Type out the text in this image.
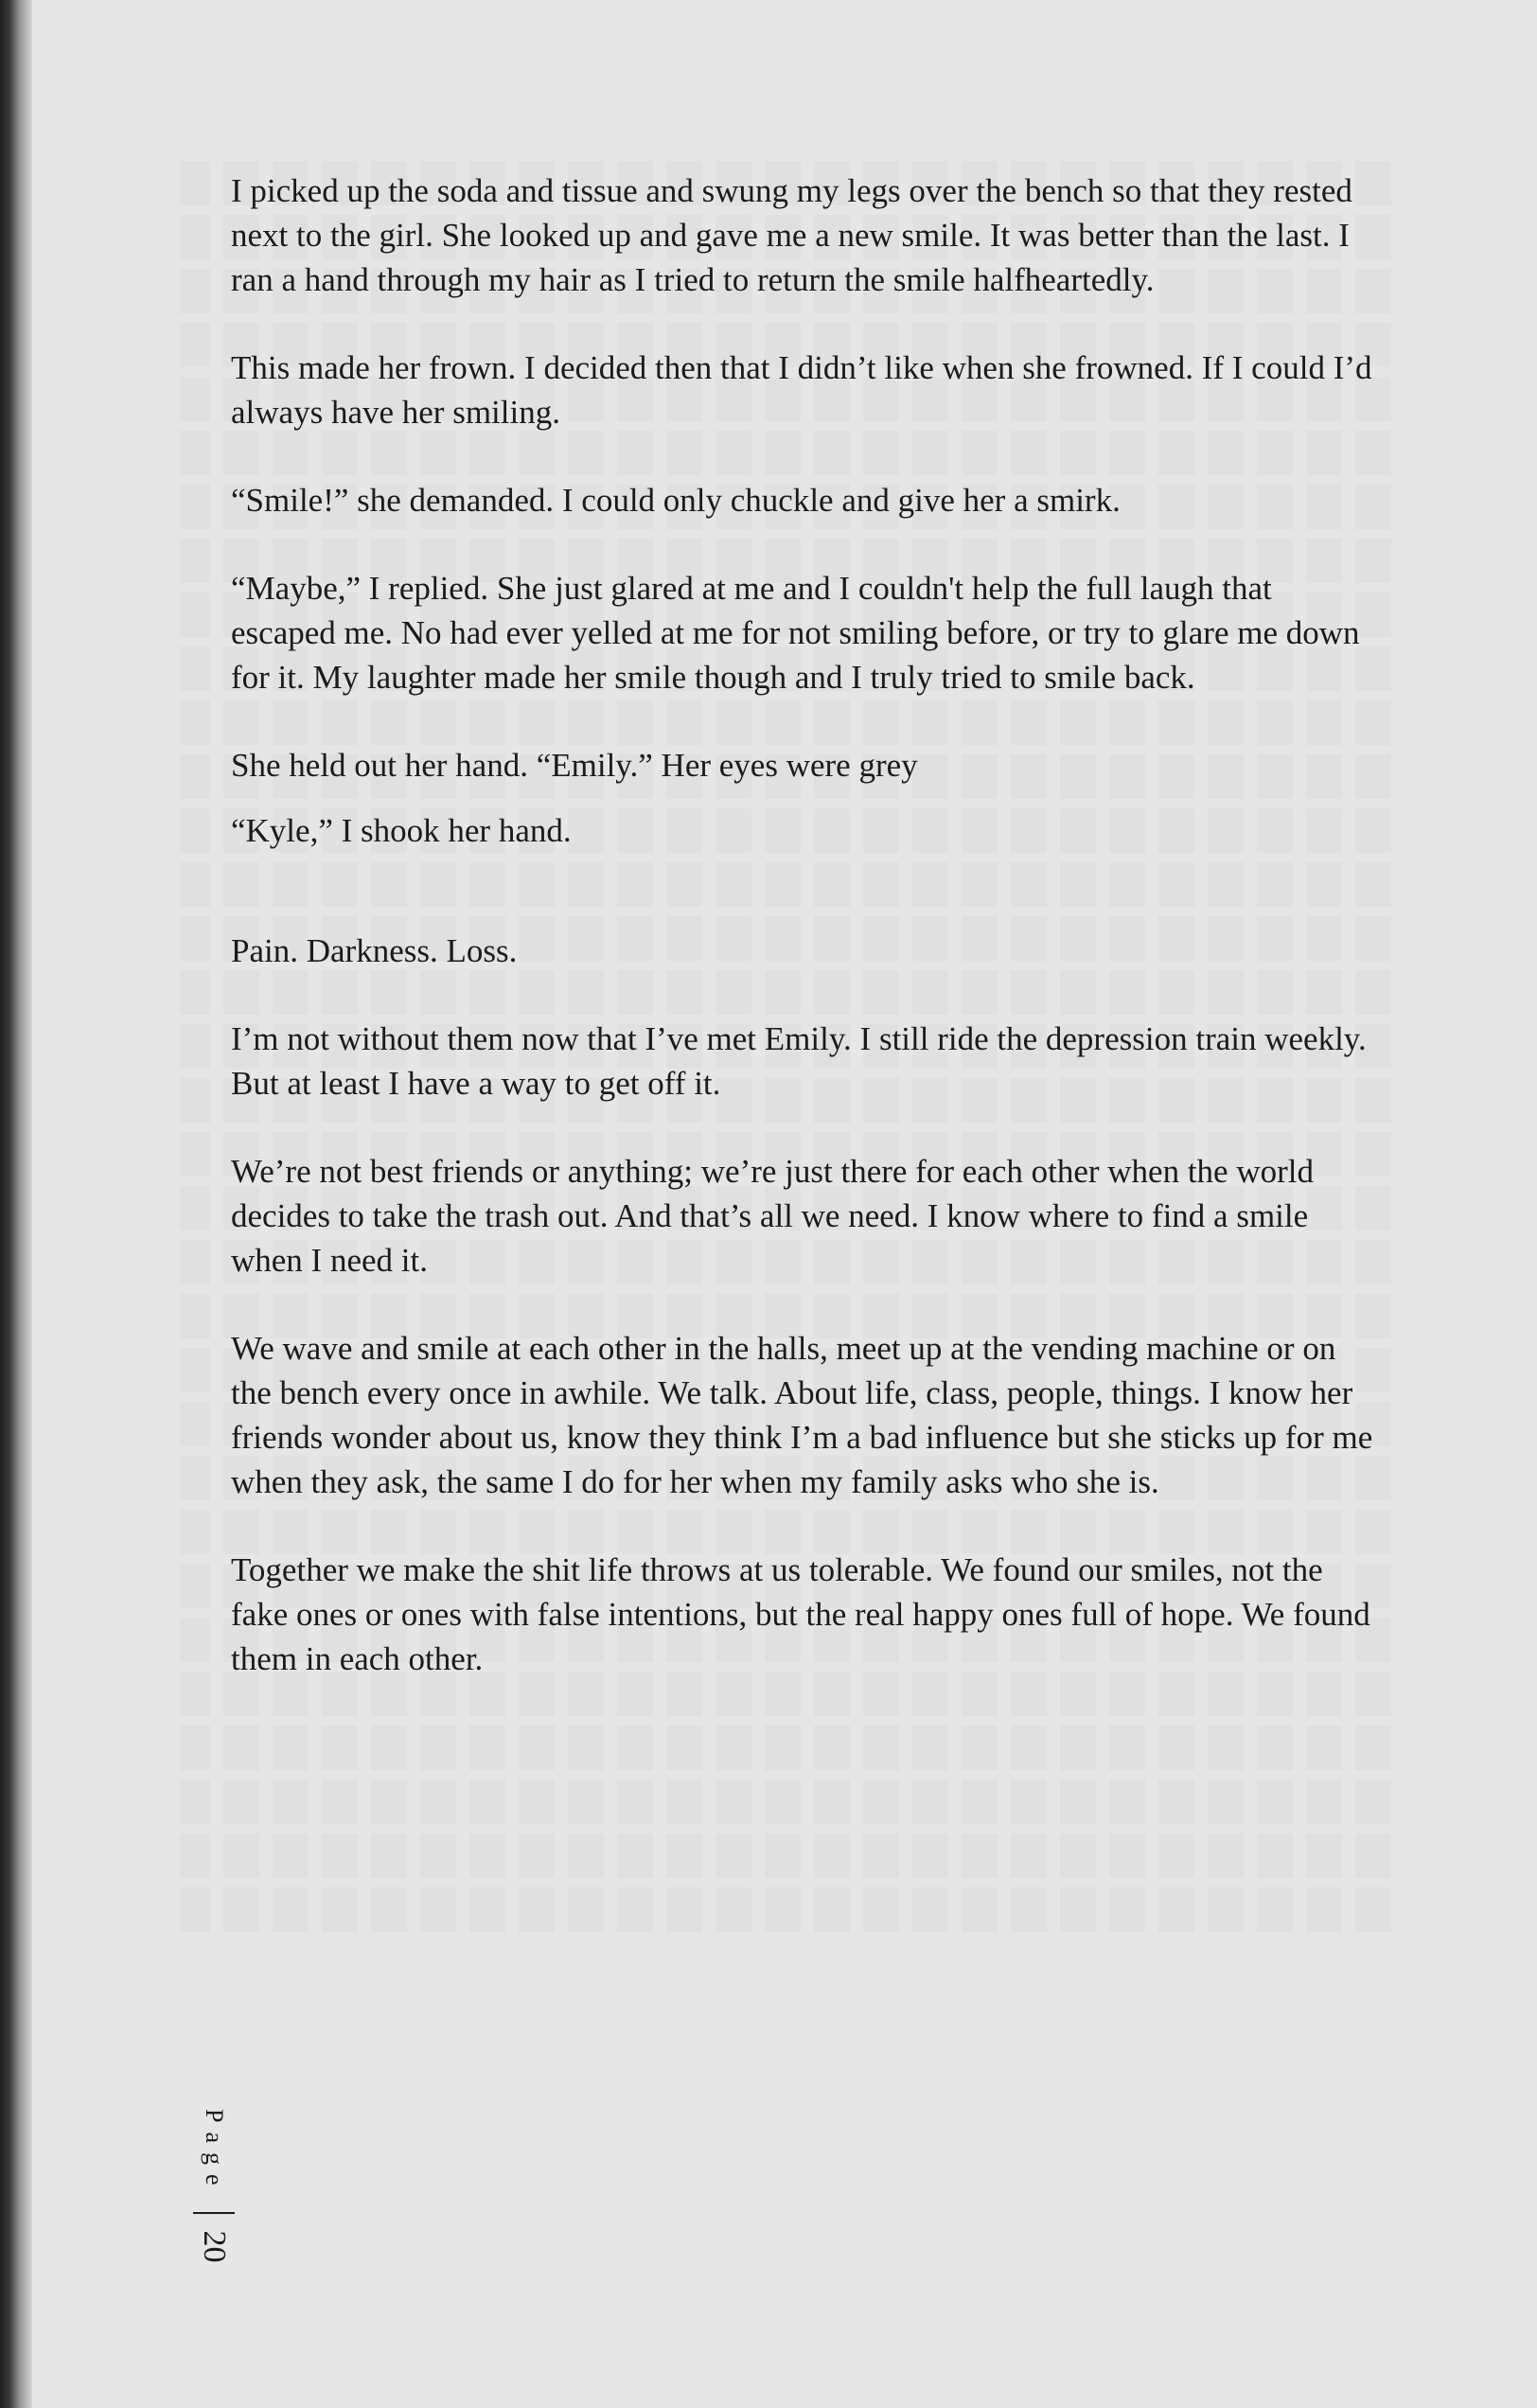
I picked up the soda and tissue and swung my legs over the bench so that they rested next to the girl. She looked up and gave me a new smile. It was better than the last. I ran a hand through my hair as I tried to return the smile halfheartedly.

This made her frown. I decided then that I didn’t like when she frowned. If I could I’d always have her smiling.

“Smile!” she demanded. I could only chuckle and give her a smirk.

“Maybe,” I replied. She just glared at me and I couldn't help the full laugh that escaped me. No had ever yelled at me for not smiling before, or try to glare me down for it. My laughter made her smile though and I truly tried to smile back.

She held out her hand. “Emily.” Her eyes were grey

“Kyle,” I shook her hand.

Pain. Darkness. Loss.

I’m not without them now that I’ve met Emily. I still ride the depression train weekly. But at least I have a way to get off it.

We’re not best friends or anything; we’re just there for each other when the world decides to take the trash out. And that’s all we need. I know where to find a smile when I need it.

We wave and smile at each other in the halls, meet up at the vending machine or on the bench every once in awhile. We talk. About life, class, people, things. I know her friends wonder about us, know they think I’m a bad influence but she sticks up for me when they ask, the same I do for her when my family asks who she is.

Together we make the shit life throws at us tolerable. We found our smiles, not the fake ones or ones with false intentions, but the real happy ones full of hope. We found them in each other.

Page
20
